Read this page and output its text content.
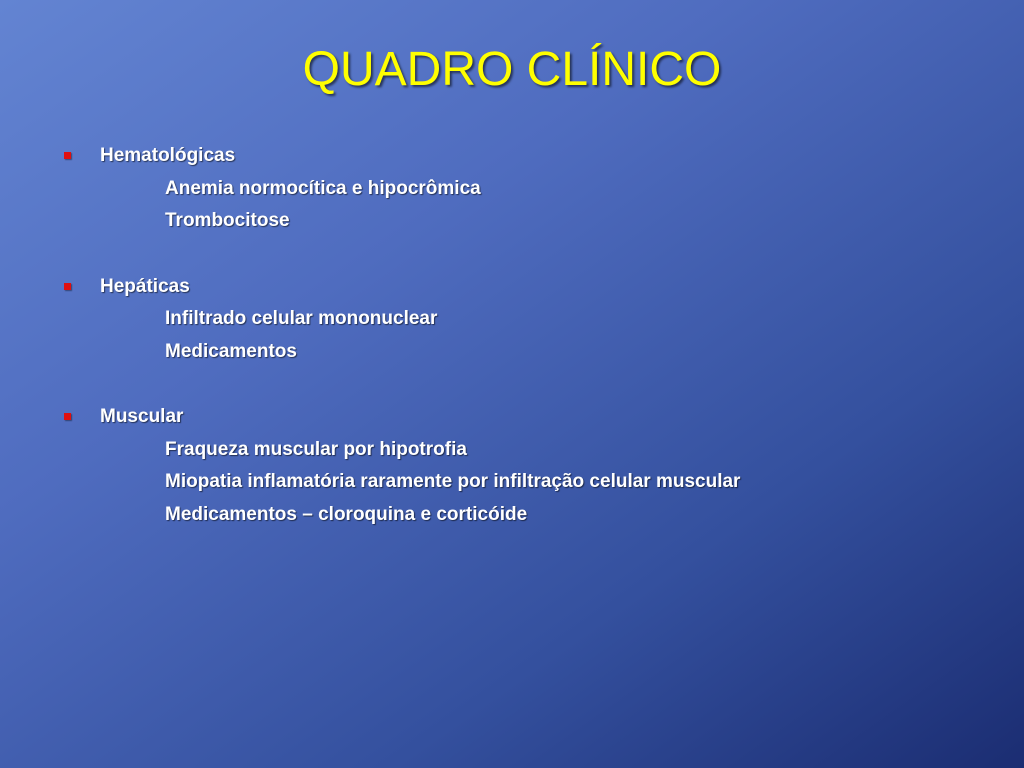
QUADRO CLÍNICO
Hematológicas
Anemia normocítica e hipocrômica
Trombocitose
Hepáticas
Infiltrado celular mononuclear
Medicamentos
Muscular
Fraqueza muscular por hipotrofia
Miopatia inflamatória raramente por infiltração celular muscular
Medicamentos – cloroquina e corticóide
